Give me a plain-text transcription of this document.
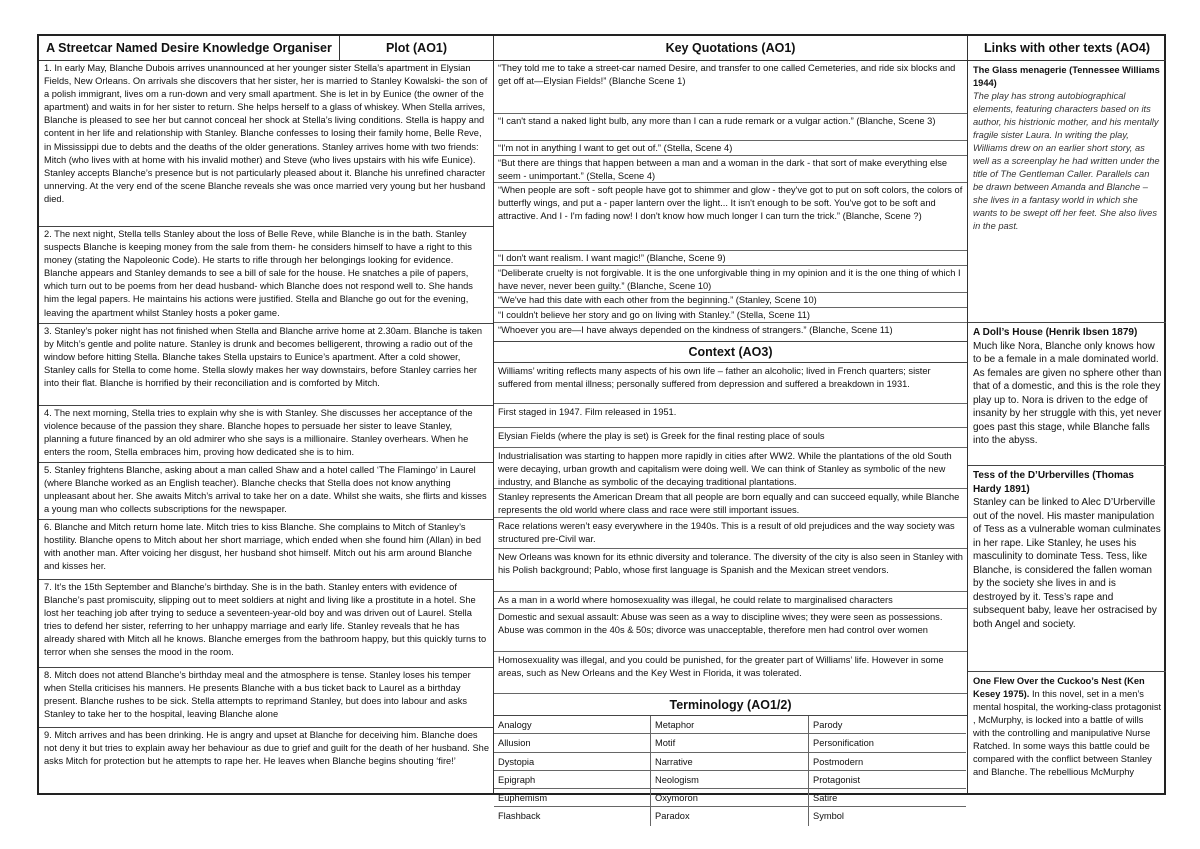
A Streetcar Named Desire Knowledge Organiser	Plot (AO1)
1. In early May, Blanche Dubois arrives unannounced at her younger sister Stella’s apartment in Elysian Fields, New Orleans. On arrivals she discovers that her sister, her is married to Stanley Kowalski- the son of a polish immigrant, lives om a run-down and very small apartment. She is let in by Eunice (the owner of the apartment) and waits in for her sister to return. She helps herself to a glass of whiskey. When Stella arrives, Blanche is pleased to see her but cannot conceal her shock at Stella’s living conditions. Stella is happy and content in her life and relationship with Stanley. Blanche confesses to losing their family home, Belle Reve, in Mississippi due to debts and the deaths of the older generations. Stanley arrives home with two friends: Mitch (who lives with at home with his invalid mother) and Steve (who lives upstairs with his wife Eunice). Stanley accepts Blanche’s presence but is not particularly pleased about it. Blanche his unrefined character unnerving. At the very end of the scene Blanche reveals she was once married very young but her husband died.
2. The next night, Stella tells Stanley about the loss of Belle Reve, while Blanche is in the bath. Stanley suspects Blanche is keeping money from the sale from them- he considers himself to have a right to this money (stating the Napoleonic Code). He starts to rifle through her belongings looking for evidence. Blanche appears and Stanley demands to see a bill of sale for the house. He snatches a pile of papers, which turn out to be poems from her dead husband- which Blanche does not respond well to. She hands him the legal papers. He maintains his actions were justified. Stella and Blanche go out for the evening, leaving the apartment whilst Stanley hosts a poker game.
3. Stanley’s poker night has not finished when Stella and Blanche arrive home at 2.30am. Blanche is taken by Mitch’s gentle and polite nature. Stanley is drunk and becomes belligerent, throwing a radio out of the window before hitting Stella. Blanche takes Stella upstairs to Eunice’s apartment. After a cold shower, Stanley calls for Stella to come home. Stella slowly makes her way downstairs, before Stanley carries her into their flat. Blanche is horrified by their reconciliation and is comforted by Mitch.
4. The next morning, Stella tries to explain why she is with Stanley. She discusses her acceptance of the violence because of the passion they share. Blanche hopes to persuade her sister to leave Stanley, planning a future financed by an old admirer who she says is a millionaire. Stanley overhears. When he enters the room, Stella embraces him, proving how dedicated she is to him.
5. Stanley frightens Blanche, asking about a man called Shaw and a hotel called ‘The Flamingo’ in Laurel (where Blanche worked as an English teacher). Blanche checks that Stella does not know anything unpleasant about her. She awaits Mitch’s arrival to take her on a date. Whilst she waits, she flirts and kisses a young man who collects subscriptions for the newspaper.
6. Blanche and Mitch return home late. Mitch tries to kiss Blanche. She complains to Mitch of Stanley’s hostility. Blanche opens to Mitch about her short marriage, which ended when she found him (Allan) in bed with another man. After voicing her disgust, her husband shot himself. Mitch out his arm around Blanche and kisses her.
7. It’s the 15th September and Blanche’s birthday. She is in the bath. Stanley enters with evidence of Blanche’s past promiscuity, slipping out to meet soldiers at night and living like a prostitute in a hotel. She lost her teaching job after trying to seduce a seventeen-year-old boy and was driven out of Laurel. Stella tries to defend her sister, referring to her unhappy marriage and early life. Stanley reveals that he has already shared with Mitch all he knows. Blanche emerges from the bathroom happy, but this quickly turns to terror when she senses the mood in the room.
8. Mitch does not attend Blanche’s birthday meal and the atmosphere is tense. Stanley loses his temper when Stella criticises his manners. He presents Blanche with a bus ticket back to Laurel as a birthday present. Blanche rushes to be sick. Stella attempts to reprimand Stanley, but does into labour and asks Stanley to take her to the hospital, leaving Blanche alone
9. Mitch arrives and has been drinking. He is angry and upset at Blanche for deceiving him. Blanche does not deny it but tries to explain away her behaviour as due to grief and guilt for the death of her husband. She asks Mitch for protection but he attempts to rape her. He leaves when Blanche begins shouting ‘fire!’
Key Quotations (AO1)
“They told me to take a street-car named Desire, and transfer to one called Cemeteries, and ride six blocks and get off at—Elysian Fields!” (Blanche Scene 1)
“I can't stand a naked light bulb, any more than I can a rude remark or a vulgar action.” (Blanche, Scene 3)
“I'm not in anything I want to get out of.” (Stella, Scene 4)
“But there are things that happen between a man and a woman in the dark - that sort of make everything else seem - unimportant.” (Stella, Scene 4)
“When people are soft - soft people have got to shimmer and glow - they've got to put on soft colors, the colors of butterfly wings, and put a - paper lantern over the light... It isn't enough to be soft. You've got to be soft and attractive. And I - I'm fading now! I don't know how much longer I can turn the trick.” (Blanche, Scene ?)
“I don't want realism. I want magic!” (Blanche, Scene 9)
“Deliberate cruelty is not forgivable. It is the one unforgivable thing in my opinion and it is the one thing of which I have never, never been guilty.” (Blanche, Scene 10)
“We've had this date with each other from the beginning.” (Stanley, Scene 10)
“I couldn't believe her story and go on living with Stanley.” (Stella, Scene 11)
“Whoever you are—I have always depended on the kindness of strangers.” (Blanche, Scene 11)
Context (AO3)
Williams’ writing reflects many aspects of his own life – father an alcoholic; lived in French quarters; sister suffered from mental illness; personally suffered from depression and suffered a breakdown in 1931.
First staged in 1947. Film released in 1951.
Elysian Fields (where the play is set) is Greek for the final resting place of souls
Industrialisation was starting to happen more rapidly in cities after WW2. While the plantations of the old South were decaying, urban growth and capitalism were doing well. We can think of Stanley as symbolic of the new industry, and Blanche as symbolic of the decaying traditional plantations.
Stanley represents the American Dream that all people are born equally and can succeed equally, while Blanche represents the old world where class and race were still important issues.
Race relations weren’t easy everywhere in the 1940s. This is a result of old prejudices and the way society was structured pre-Civil war.
New Orleans was known for its ethnic diversity and tolerance. The diversity of the city is also seen in Stanley with his Polish background; Pablo, whose first language is Spanish and the Mexican street vendors.
As a man in a world where homosexuality was illegal, he could relate to marginalised characters
Domestic and sexual assault: Abuse was seen as a way to discipline wives; they were seen as possessions. Abuse was common in the 40s & 50s; divorce was unacceptable, therefore men had control over women
Homosexuality was illegal, and you could be punished, for the greater part of Williams’ life. However in some areas, such as New Orleans and the Key West in Florida, it was tolerated.
Terminology (AO1/2)
Analogy	Metaphor	Parody
Allusion	Motif	Personification
Dystopia	Narrative	Postmodern
Epigraph	Neologism	Protagonist
Euphemism	Oxymoron	Satire
Flashback	Paradox	Symbol
Links with other texts (AO4)
The Glass menagerie (Tennessee Williams 1944)
The play has strong autobiographical elements, featuring characters based on its author, his histrionic mother, and his mentally fragile sister Laura. In writing the play, Williams drew on an earlier short story, as well as a screenplay he had written under the title of The Gentleman Caller. Parallels can be drawn between Amanda and Blanche – she lives in a fantasy world in which she wants to be swept off her feet. She also lives in the past.
A Doll’s House (Henrik Ibsen 1879)
Much like Nora, Blanche only knows how to be a female in a male dominated world. As females are given no sphere other than that of a domestic, and this is the role they play up to. Nora is driven to the edge of insanity by her struggle with this, yet never goes past this stage, while Blanche falls into the abyss.
Tess of the D’Urbervilles (Thomas Hardy 1891)
Stanley can be linked to Alec D’Urberville out of the novel. His master manipulation of Tess as a vulnerable woman culminates in her rape. Like Stanley, he uses his masculinity to dominate Tess. Tess, like Blanche, is considered the fallen woman by the society she lives in and is destroyed by it. Tess’s rape and subsequent baby, leave her ostracised by both Angel and society.
One Flew Over the Cuckoo’s Nest (Ken Kesey 1975). In this novel, set in a men’s mental hospital, the working-class protagonist , McMurphy, is locked into a battle of wills with the controlling and manipulative Nurse Ratched. In some ways this battle could be compared with the conflict between Stanley and Blanche. The rebellious McMurphy
